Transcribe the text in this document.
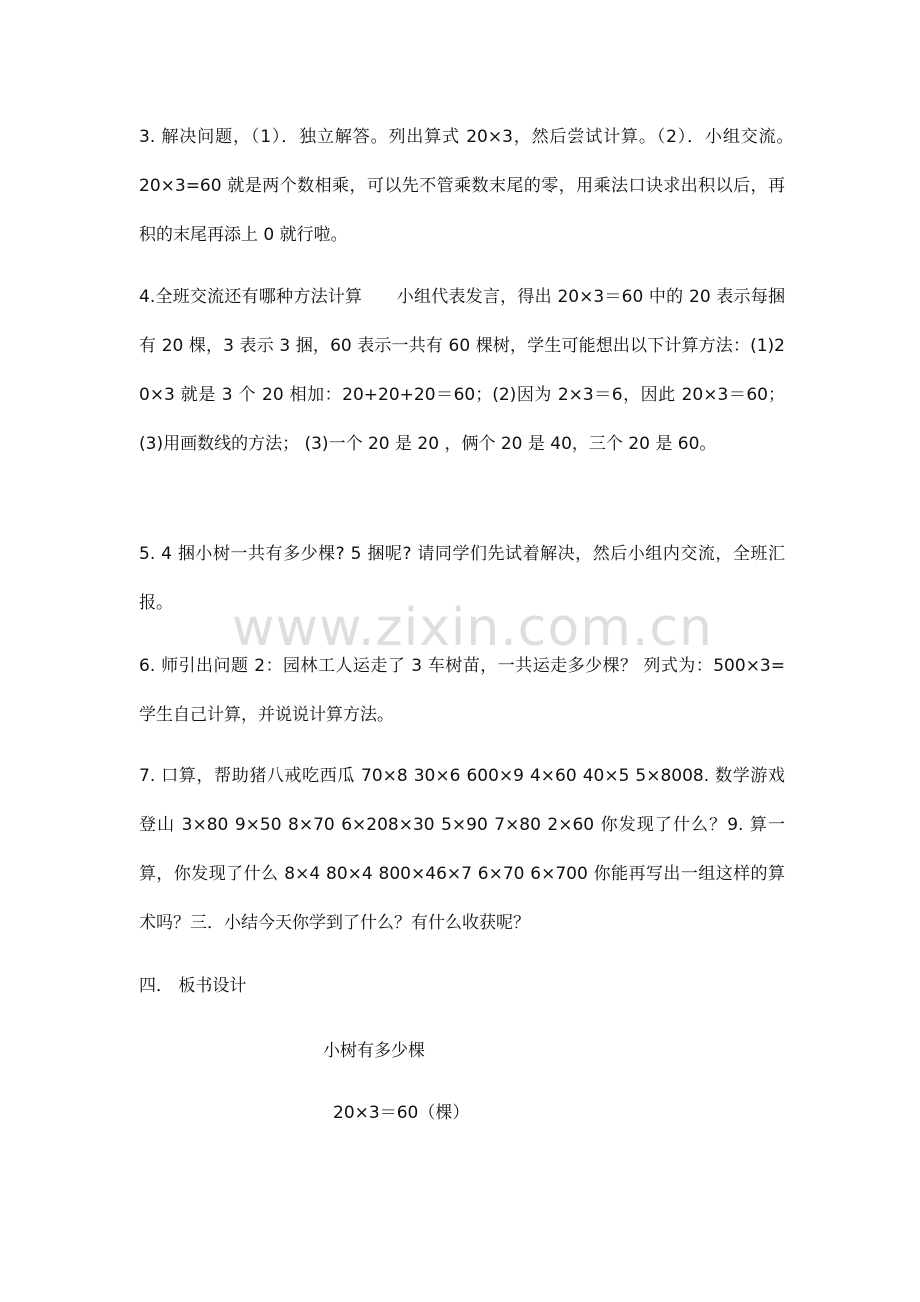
3. 解决问题，（1）．独立解答。列出算式 20×3，然后尝试计算。（2）．小组交流。　　 20×3=60 就是两个数相乘，可以先不管乘数末尾的零，用乘法口诀求出积以后，再积的末尾再添上 0 就行啦。

4.全班交流还有哪种方法计算　　小组代表发言，得出 20×3＝60 中的 20 表示每捆有 20 棵，3 表示 3 捆，60 表示一共有 60 棵树，学生可能想出以下计算方法：(1)20×3 就是 3 个 20 相加：20+20+20＝60；(2)因为 2×3＝6，因此 20×3＝60；(3)用画数线的方法； (3)一个 20 是 20 ，俩个 20 是 40，三个 20 是 60。

5. 4 捆小树一共有多少棵? 5 捆呢? 请同学们先试着解决，然后小组内交流，全班汇报。

6. 师引出问题 2：园林工人运走了 3 车树苗，一共运走多少棵？ 列式为：500×3= 学生自己计算，并说说计算方法。

7. 口算，帮助猪八戒吃西瓜 70×8 30×6 600×9 4×60 40×5 5×8008. 数学游戏 登山 3×80 9×50 8×70 6×208×30 5×90 7×80 2×60 你发现了什么？9. 算一算，你发现了什么 8×4 80×4 800×46×7 6×70 6×700 你能再写出一组这样的算术吗？三．小结今天你学到了什么？有什么收获呢？

四． 板书设计

小树有多少棵

20×3＝60（棵）

www.zixin.com.cn
